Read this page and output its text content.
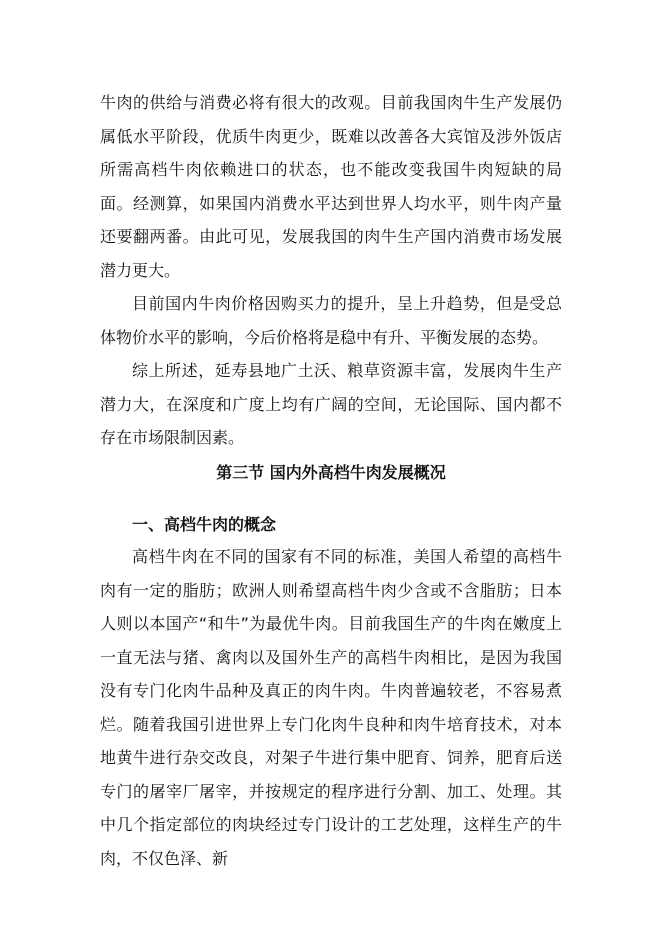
牛肉的供给与消费必将有很大的改观。目前我国肉牛生产发展仍属低水平阶段，优质牛肉更少，既难以改善各大宾馆及涉外饭店所需高档牛肉依赖进口的状态，也不能改变我国牛肉短缺的局面。经测算，如果国内消费水平达到世界人均水平，则牛肉产量还要翻两番。由此可见，发展我国的肉牛生产国内消费市场发展潜力更大。

目前国内牛肉价格因购买力的提升，呈上升趋势，但是受总体物价水平的影响，今后价格将是稳中有升、平衡发展的态势。

综上所述，延寿县地广土沃、粮草资源丰富，发展肉牛生产潜力大，在深度和广度上均有广阔的空间，无论国际、国内都不存在市场限制因素。

第三节 国内外高档牛肉发展概况
一、高档牛肉的概念

高档牛肉在不同的国家有不同的标准，美国人希望的高档牛肉有一定的脂肪；欧洲人则希望高档牛肉少含或不含脂肪；日本人则以本国产“和牛”为最优牛肉。目前我国生产的牛肉在嫩度上一直无法与猪、禽肉以及国外生产的高档牛肉相比，是因为我国没有专门化肉牛品种及真正的肉牛肉。牛肉普遍较老，不容易煮烂。随着我国引进世界上专门化肉牛良种和肉牛培育技术，对本地黄牛进行杂交改良，对架子牛进行集中肥育、饲养，肥育后送专门的屠宰厂屠宰，并按规定的程序进行分割、加工、处理。其中几个指定部位的肉块经过专门设计的工艺处理，这样生产的牛肉，不仅色泽、新
